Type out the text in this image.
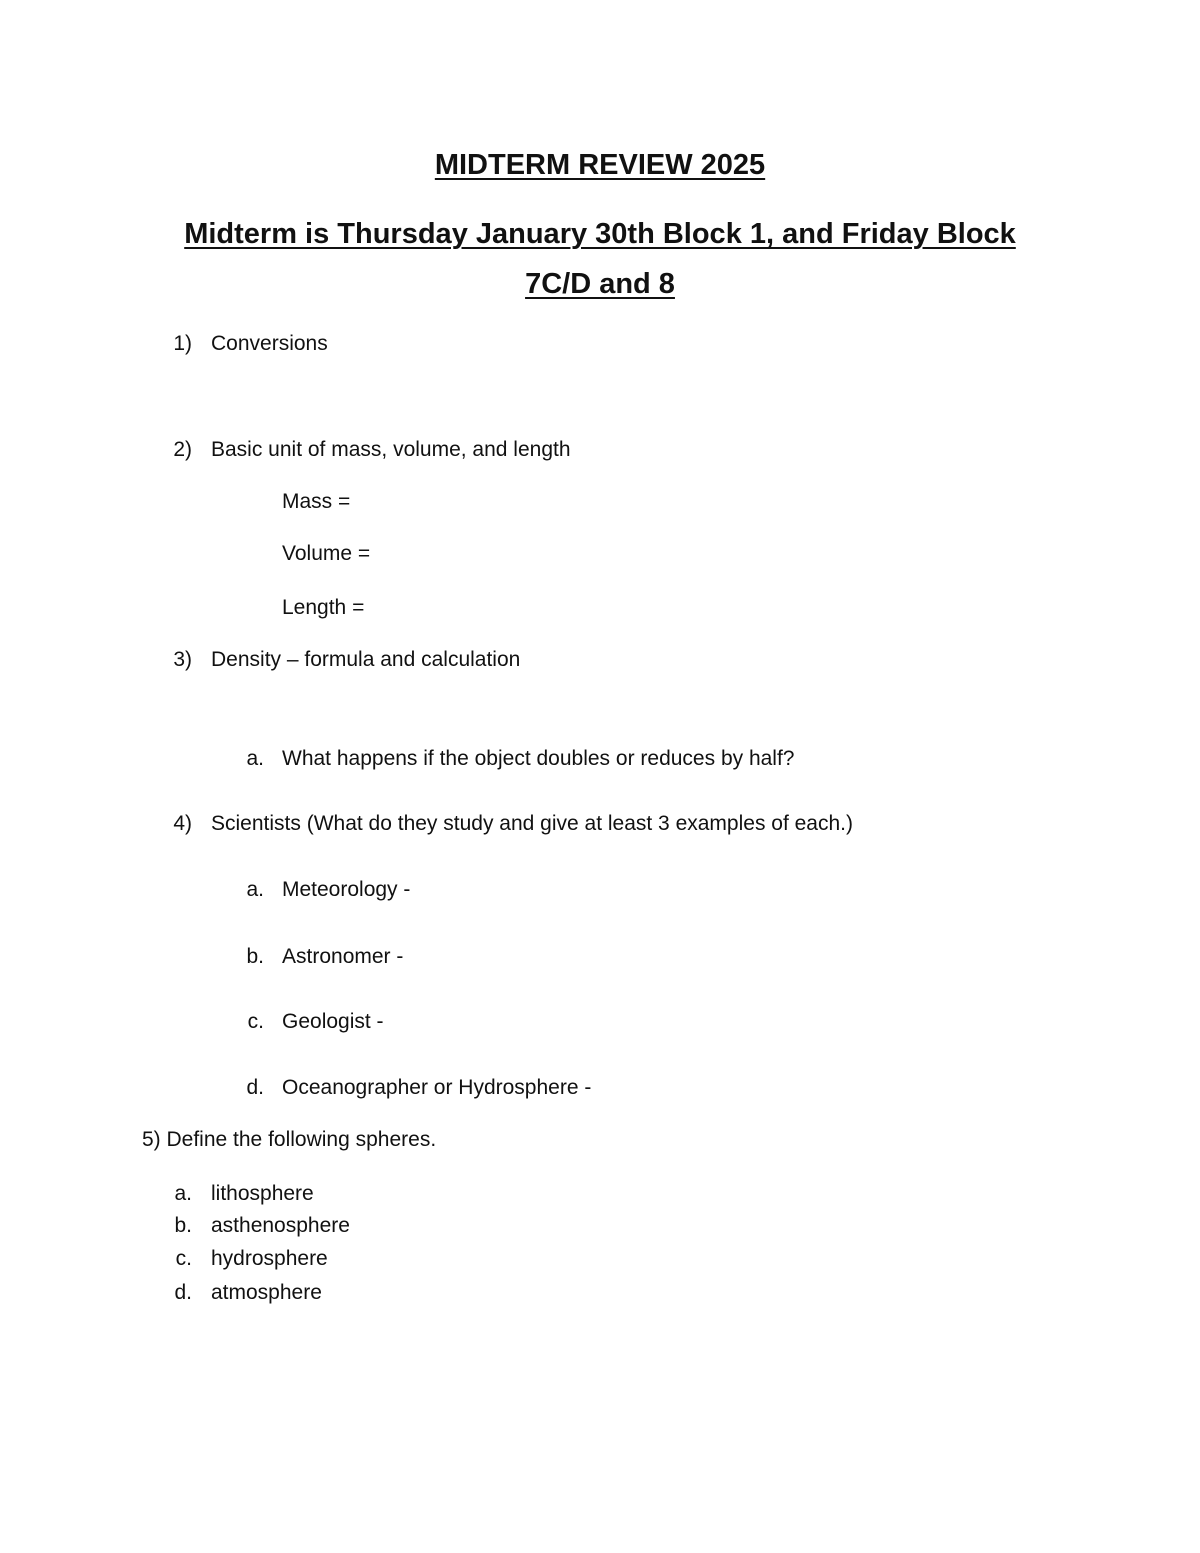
MIDTERM REVIEW 2025
Midterm is Thursday January 30th Block 1, and Friday Block
7C/D and 8
1) Conversions
2) Basic unit of mass, volume, and length
Mass =
Volume =
Length =
3) Density – formula and calculation
a. What happens if the object doubles or reduces by half?
4) Scientists (What do they study and give at least 3 examples of each.)
a. Meteorology -
b. Astronomer -
c. Geologist -
d. Oceanographer or Hydrosphere -
5) Define the following spheres.
a. lithosphere
b. asthenosphere
c. hydrosphere
d. atmosphere
